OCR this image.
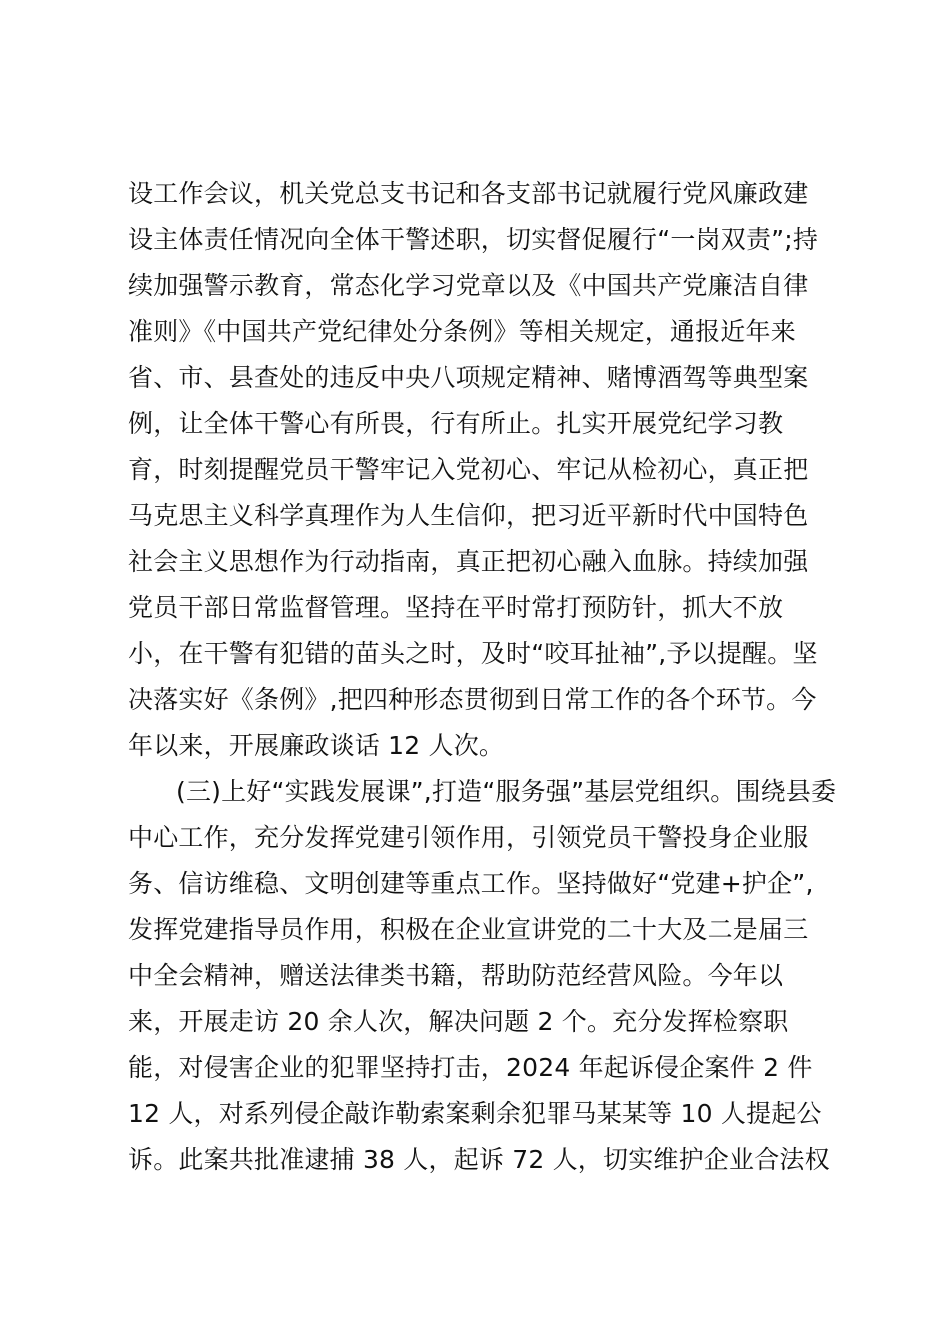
设工作会议，机关党总支书记和各支部书记就履行党风廉政建
设主体责任情况向全体干警述职，切实督促履行“一岗双责”;持
续加强警示教育，常态化学习党章以及《中国共产党廉洁自律
准则》《中国共产党纪律处分条例》等相关规定，通报近年来
省、市、县查处的违反中央八项规定精神、赌博酒驾等典型案
例，让全体干警心有所畏，行有所止。扎实开展党纪学习教
育，时刻提醒党员干警牢记入党初心、牢记从检初心，真正把
马克思主义科学真理作为人生信仰，把习近平新时代中国特色
社会主义思想作为行动指南，真正把初心融入血脉。持续加强
党员干部日常监督管理。坚持在平时常打预防针，抓大不放
小，在干警有犯错的苗头之时，及时“咬耳扯袖”,予以提醒。坚
决落实好《条例》,把四种形态贯彻到日常工作的各个环节。今
年以来，开展廉政谈话 12 人次。
(三)上好“实践发展课”,打造“服务强”基层党组织。围绕县委
中心工作，充分发挥党建引领作用，引领党员干警投身企业服
务、信访维稳、文明创建等重点工作。坚持做好“党建+护企”,
发挥党建指导员作用，积极在企业宣讲党的二十大及二是届三
中全会精神，赠送法律类书籍，帮助防范经营风险。今年以
来，开展走访 20 余人次，解决问题 2 个。充分发挥检察职
能，对侵害企业的犯罪坚持打击，2024 年起诉侵企案件 2 件
12 人，对系列侵企敲诈勒索案剩余犯罪马某某等 10 人提起公
诉。此案共批准逮捕 38 人，起诉 72 人，切实维护企业合法权
